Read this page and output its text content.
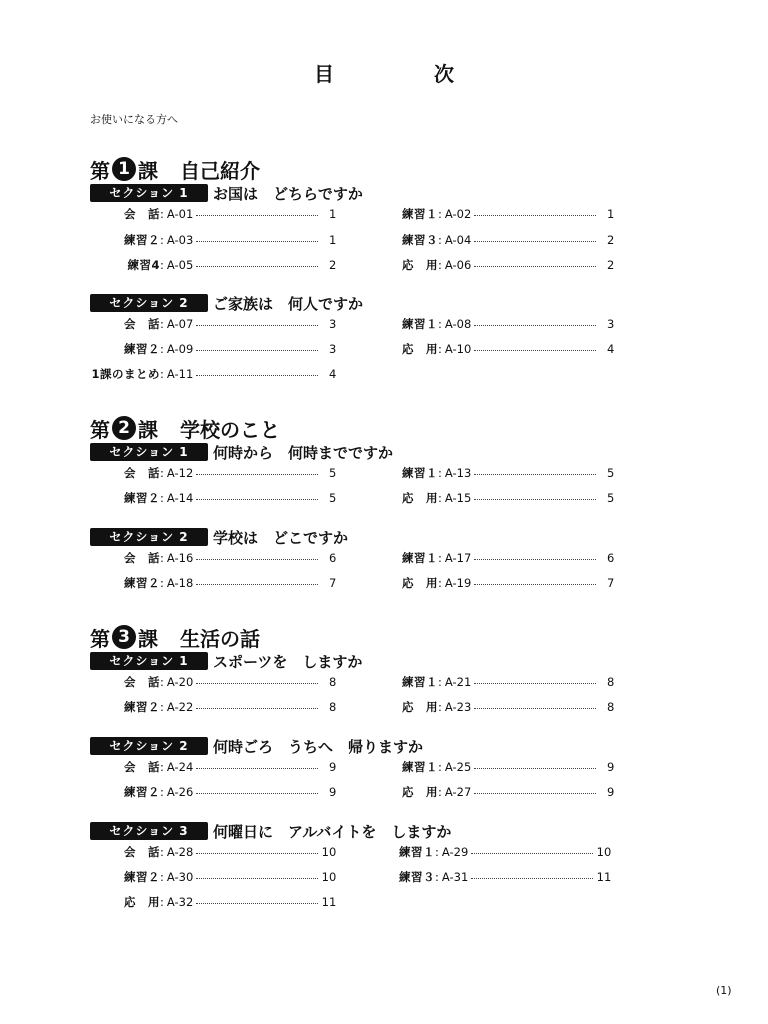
目　次
お使いになる方へ
第 1 課 自己紹介
セクション 1	お国は　どちらですか
会　話 : A-01	1	練習１ : A-02	1
練習２ : A-03	1	練習３ : A-04	2
練習4 : A-05	2	応　用 : A-06	2
セクション 2	ご家族は　何人ですか
会　話 : A-07	3	練習１ : A-08	3
練習２ : A-09	3	応　用 : A-10	4
1課のまとめ : A-11	4
第 2 課 学校のこと
セクション 1	何時から　何時までですか
会　話 : A-12	5	練習１ : A-13	5
練習２ : A-14	5	応　用 : A-15	5
セクション 2	学校は　どこですか
会　話 : A-16	6	練習１ : A-17	6
練習２ : A-18	7	応　用 : A-19	7
第 3 課 生活の話
セクション 1	スポーツを　しますか
会　話 : A-20	8	練習１ : A-21	8
練習２ : A-22	8	応　用 : A-23	8
セクション 2	何時ごろ　うちへ　帰りますか
会　話 : A-24	9	練習１ : A-25	9
練習２ : A-26	9	応　用 : A-27	9
セクション 3	何曜日に　アルバイトを　しますか
会　話 : A-28	10	練習１ : A-29	10
練習２ : A-30	10	練習３ : A-31	11
応　用 : A-32	11
(1)
